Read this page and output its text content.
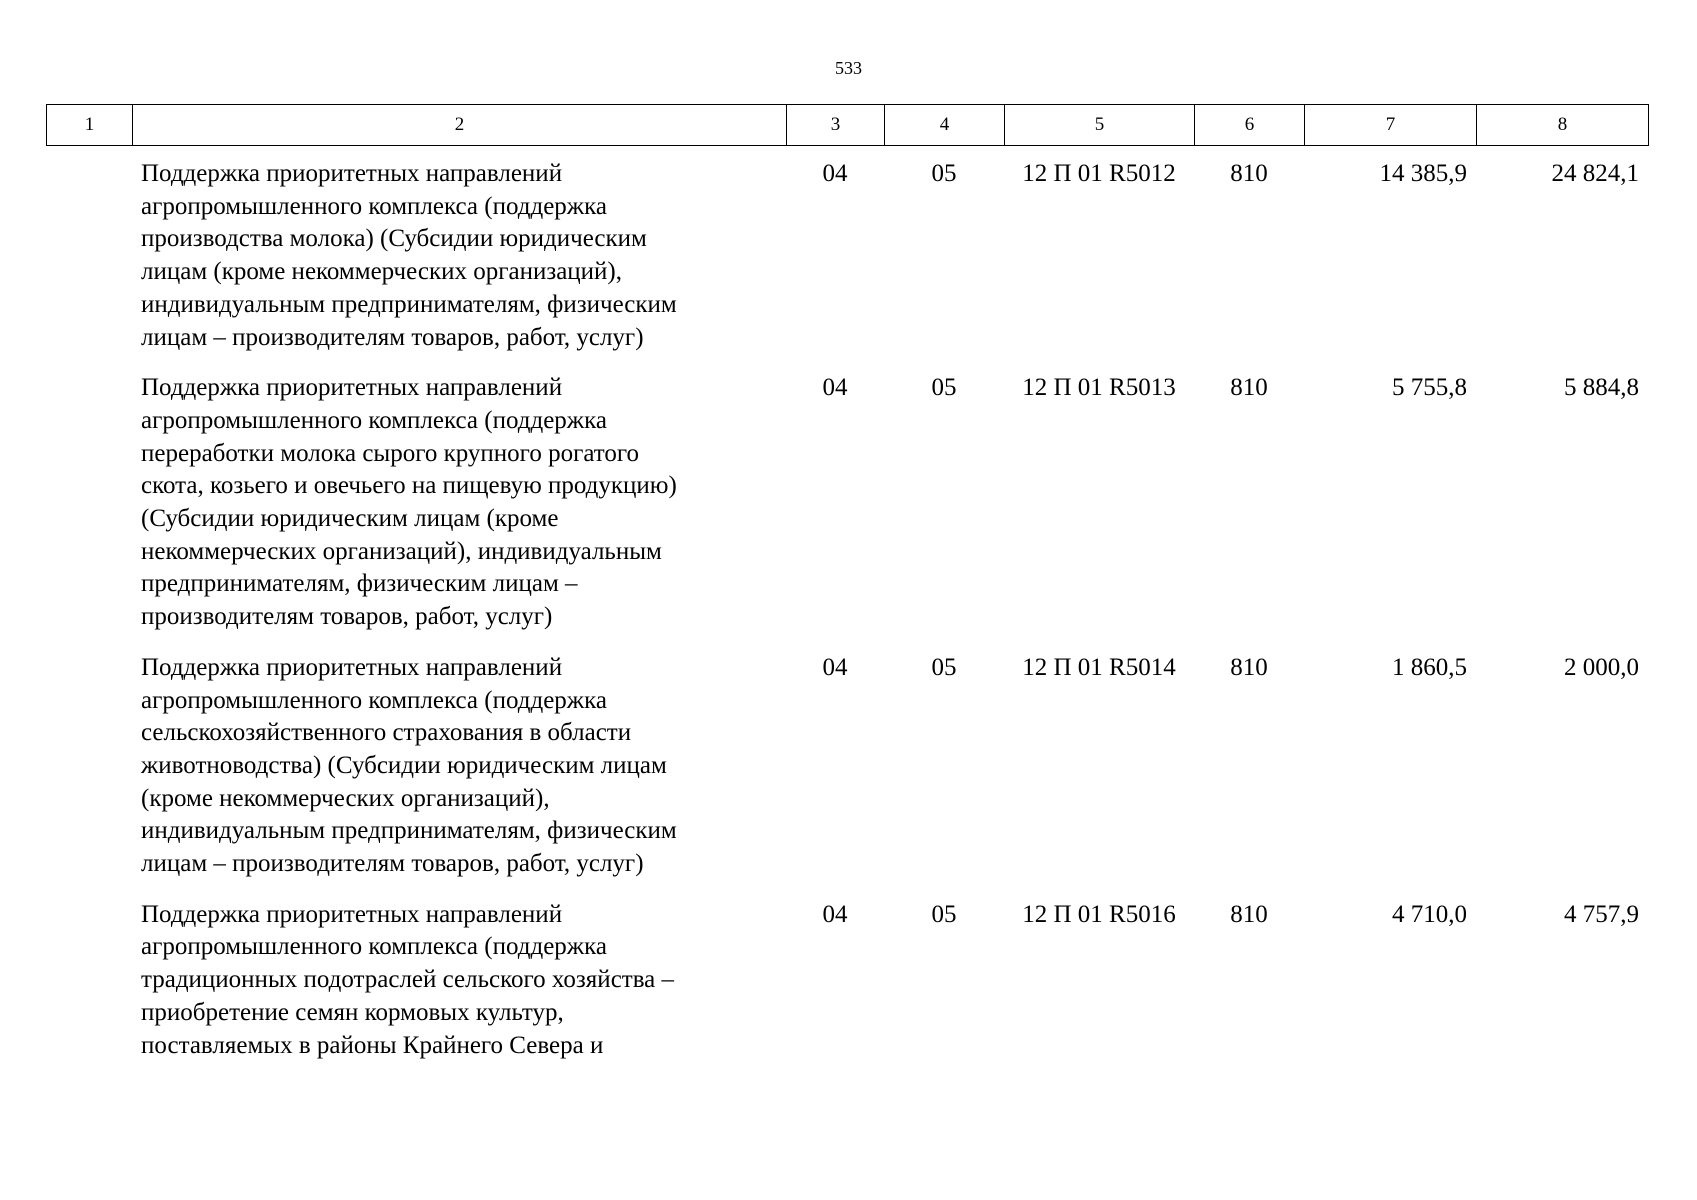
533
1	2	3	4	5	6	7	8
Поддержка приоритетных направлений
агропромышленного комплекса (поддержка
производства молока) (Субсидии юридическим
лицам (кроме некоммерческих организаций),
индивидуальным предпринимателям, физическим
лицам – производителям товаров, работ, услуг)
04	05	12 П 01 R5012	810	14 385,9	24 824,1
Поддержка приоритетных направлений
агропромышленного комплекса (поддержка
переработки молока сырого крупного рогатого
скота, козьего и овечьего на пищевую продукцию)
(Субсидии юридическим лицам (кроме
некоммерческих организаций), индивидуальным
предпринимателям, физическим лицам –
производителям товаров, работ, услуг)
04	05	12 П 01 R5013	810	5 755,8	5 884,8
Поддержка приоритетных направлений
агропромышленного комплекса (поддержка
сельскохозяйственного страхования в области
животноводства) (Субсидии юридическим лицам
(кроме некоммерческих организаций),
индивидуальным предпринимателям, физическим
лицам – производителям товаров, работ, услуг)
04	05	12 П 01 R5014	810	1 860,5	2 000,0
Поддержка приоритетных направлений
агропромышленного комплекса (поддержка
традиционных подотраслей сельского хозяйства –
приобретение семян кормовых культур,
поставляемых в районы Крайнего Севера и
04	05	12 П 01 R5016	810	4 710,0	4 757,9
